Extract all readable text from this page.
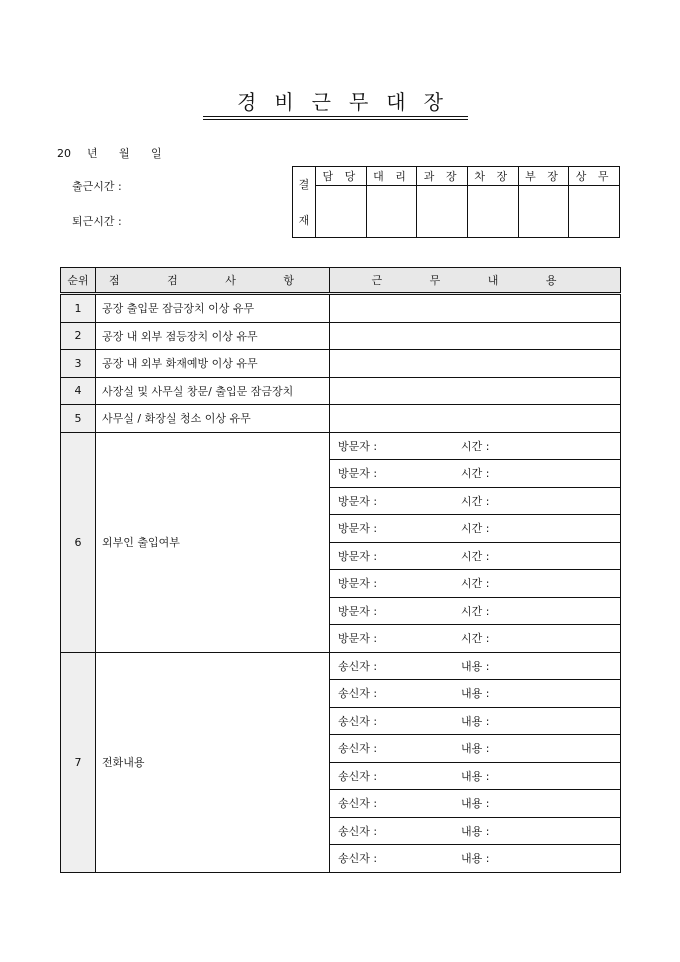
경비근무대장
20 년 월 일
출근시간 :
퇴근시간 :
결
재	담 당	대 리	과 장	차 장	부 장	상 무

순위	점 검 사 항	근 무 내 용
1	공장 출입문 잠금장치 이상 유무	
2	공장 내 외부 점등장치 이상 유무	
3	공장 내 외부 화재예방 이상 유무	
4	사장실 및 사무실 창문/ 출입문 잠금장치	
5	사무실 / 화장실 청소 이상 유무	
6	외부인 출입여부	방문자 : 시간 :
		방문자 : 시간 :
		방문자 : 시간 :
		방문자 : 시간 :
		방문자 : 시간 :
		방문자 : 시간 :
		방문자 : 시간 :
		방문자 : 시간 :
7	전화내용	송신자 : 내용 :
		송신자 : 내용 :
		송신자 : 내용 :
		송신자 : 내용 :
		송신자 : 내용 :
		송신자 : 내용 :
		송신자 : 내용 :
		송신자 : 내용 :
